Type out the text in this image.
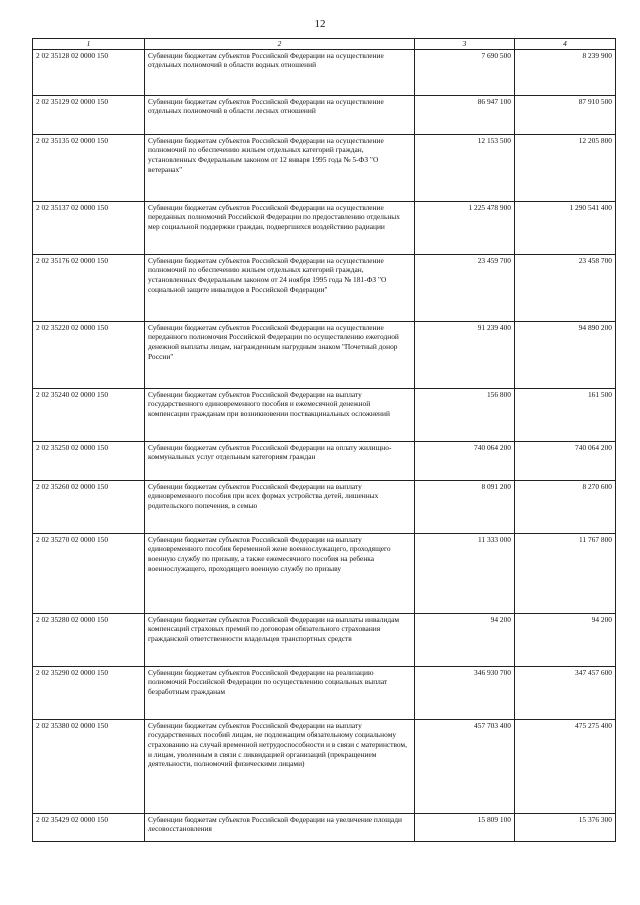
12
1	2	3	4
2 02 35128 02 0000 150	Субвенции бюджетам субъектов Российской Федерации на осуществление отдельных полномочий в области водных отношений	7 690 500	8 239 900
2 02 35129 02 0000 150	Субвенции бюджетам субъектов Российской Федерации на осуществление отдельных полномочий в области лесных отношений	86 947 100	87 910 500
2 02 35135 02 0000 150	Субвенции бюджетам субъектов Российской Федерации на осуществление полномочий по обеспечению жильем отдельных категорий граждан, установленных Федеральным законом от 12 января 1995 года № 5-ФЗ "О ветеранах"	12 153 500	12 205 800
2 02 35137 02 0000 150	Субвенции бюджетам субъектов Российской Федерации на осуществление переданных полномочий Российской Федерации по предоставлению отдельных мер социальной поддержки граждан, подвергшихся воздействию радиации	1 225 478 900	1 290 541 400
2 02 35176 02 0000 150	Субвенции бюджетам субъектов Российской Федерации на осуществление полномочий по обеспечению жильем отдельных категорий граждан, установленных Федеральным законом от 24 ноября 1995 года № 181-ФЗ "О социальной защите инвалидов в Российской Федерации"	23 459 700	23 458 700
2 02 35220 02 0000 150	Субвенции бюджетам субъектов Российской Федерации на осуществление переданного полномочия Российской Федерации по осуществлению ежегодной денежной выплаты лицам, награжденным нагрудным знаком "Почетный донор России"	91 239 400	94 890 200
2 02 35240 02 0000 150	Субвенции бюджетам субъектов Российской Федерации на выплату государственного единовременного пособия и ежемесячной денежной компенсации гражданам при возникновении поствакцинальных осложнений	156 800	161 500
2 02 35250 02 0000 150	Субвенции бюджетам субъектов Российской Федерации на оплату жилищно-коммунальных услуг отдельным категориям граждан	740 064 200	740 064 200
2 02 35260 02 0000 150	Субвенции бюджетам субъектов Российской Федерации на выплату единовременного пособия при всех формах устройства детей, лишенных родительского попечения, в семью	8 091 200	8 270 600
2 02 35270 02 0000 150	Субвенции бюджетам субъектов Российской Федерации на выплату единовременного пособия беременной жене военнослужащего, проходящего военную службу по призыву, а также ежемесячного пособия на ребенка военнослужащего, проходящего военную службу по призыву	11 333 000	11 767 800
2 02 35280 02 0000 150	Субвенции бюджетам субъектов Российской Федерации на выплаты инвалидам компенсаций страховых премий по договорам обязательного страхования гражданской ответственности владельцев транспортных средств	94 200	94 200
2 02 35290 02 0000 150	Субвенции бюджетам субъектов Российской Федерации на реализацию полномочий Российской Федерации по осуществлению социальных выплат безработным гражданам	346 930 700	347 457 600
2 02 35380 02 0000 150	Субвенции бюджетам субъектов Российской Федерации на выплату государственных пособий лицам, не подлежащим обязательному социальному страхованию на случай временной нетрудоспособности и в связи с материнством, и лицам, уволенным в связи с ликвидацией организаций (прекращением деятельности, полномочий физическими лицами)	457 703 400	475 275 400
2 02 35429 02 0000 150	Субвенции бюджетам субъектов Российской Федерации на увеличение площади лесовосстановления	15 809 100	15 376 300
